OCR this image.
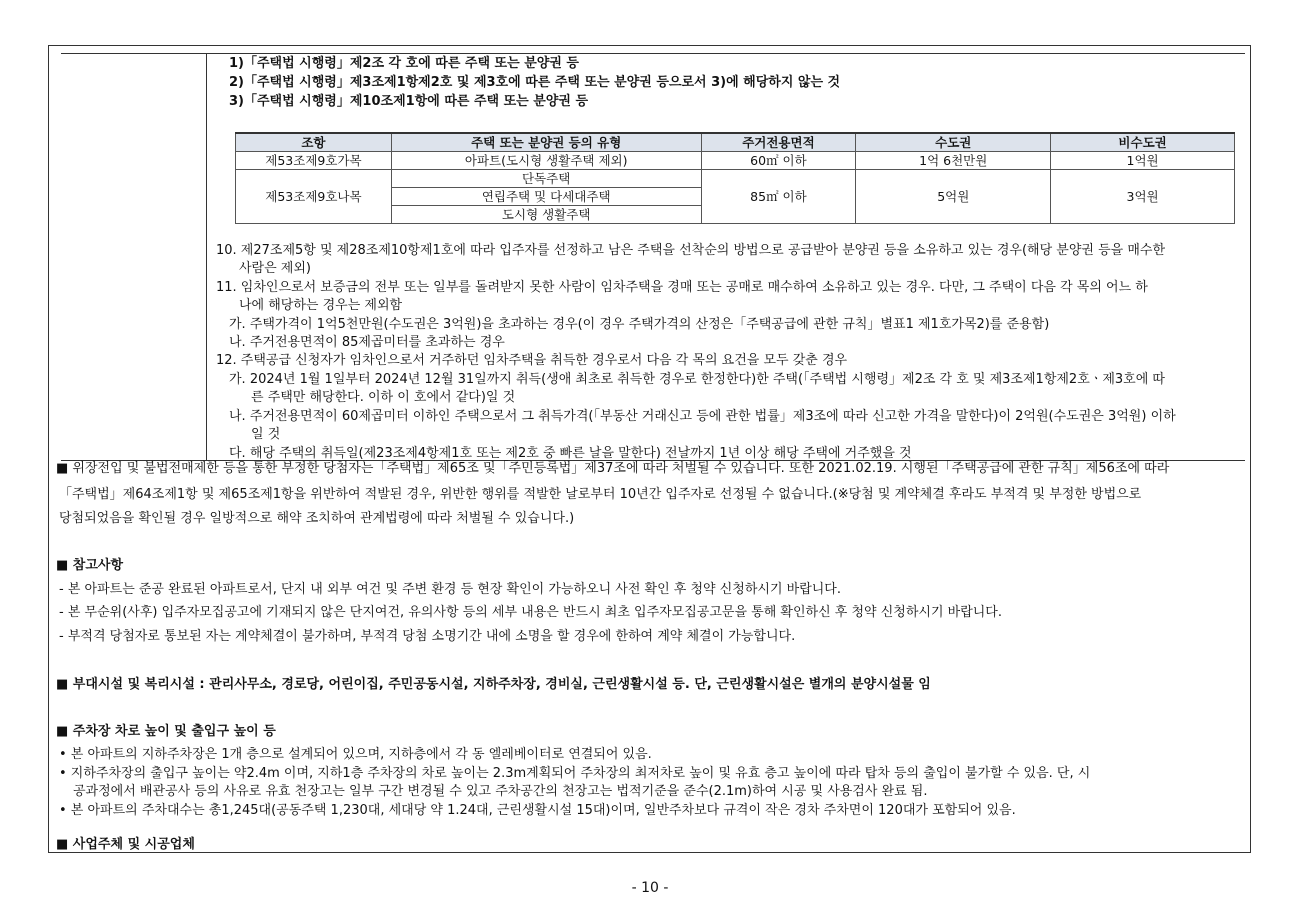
1)「주택법 시행령」제2조 각 호에 따른 주택 또는 분양권 등
2)「주택법 시행령」제3조제1항제2호 및 제3호에 따른 주택 또는 분양권 등으로서 3)에 해당하지 않는 것
3)「주택법 시행령」제10조제1항에 따른 주택 또는 분양권 등
조항	주택 또는 분양권 등의 유형	주거전용면적	수도권	비수도권
제53조제9호가목	아파트(도시형 생활주택 제외)	60㎡ 이하	1억 6천만원	1억원
제53조제9호나목	단독주택	85㎡ 이하	5억원	3억원
	연립주택 및 다세대주택			
	도시형 생활주택			
10. 제27조제5항 및 제28조제10항제1호에 따라 입주자를 선정하고 남은 주택을 선착순의 방법으로 공급받아 분양권 등을 소유하고 있는 경우(해당 분양권 등을 매수한
사람은 제외)
11. 임차인으로서 보증금의 전부 또는 일부를 돌려받지 못한 사람이 임차주택을 경매 또는 공매로 매수하여 소유하고 있는 경우. 다만, 그 주택이 다음 각 목의 어느 하
나에 해당하는 경우는 제외함
가. 주택가격이 1억5천만원(수도권은 3억원)을 초과하는 경우(이 경우 주택가격의 산정은「주택공급에 관한 규칙」별표1 제1호가목2)를 준용함)
나. 주거전용면적이 85제곱미터를 초과하는 경우
12. 주택공급 신청자가 임차인으로서 거주하던 임차주택을 취득한 경우로서 다음 각 목의 요건을 모두 갖춘 경우
가. 2024년 1월 1일부터 2024년 12월 31일까지 취득(생애 최초로 취득한 경우로 한정한다)한 주택(「주택법 시행령」제2조 각 호 및 제3조제1항제2호ㆍ제3호에 따
른 주택만 해당한다. 이하 이 호에서 같다)일 것
나. 주거전용면적이 60제곱미터 이하인 주택으로서 그 취득가격(「부동산 거래신고 등에 관한 법률」제3조에 따라 신고한 가격을 말한다)이 2억원(수도권은 3억원) 이하
일 것
다. 해당 주택의 취득일(제23조제4항제1호 또는 제2호 중 빠른 날을 말한다) 전날까지 1년 이상 해당 주택에 거주했을 것
■ 위장전입 및 불법전매제한 등을 통한 부정한 당첨자는「주택법」제65조 및「주민등록법」제37조에 따라 처벌될 수 있습니다. 또한 2021.02.19. 시행된「주택공급에 관한 규칙」제56조에 따라
「주택법」제64조제1항 및 제65조제1항을 위반하여 적발된 경우, 위반한 행위를 적발한 날로부터 10년간 입주자로 선정될 수 없습니다.(※당첨 및 계약체결 후라도 부적격 및 부정한 방법으로
당첨되었음을 확인될 경우 일방적으로 해약 조치하여 관계법령에 따라 처벌될 수 있습니다.)
■ 참고사항
- 본 아파트는 준공 완료된 아파트로서, 단지 내 외부 여건 및 주변 환경 등 현장 확인이 가능하오니 사전 확인 후 청약 신청하시기 바랍니다.
- 본 무순위(사후) 입주자모집공고에 기재되지 않은 단지여건, 유의사항 등의 세부 내용은 반드시 최초 입주자모집공고문을 통해 확인하신 후 청약 신청하시기 바랍니다.
- 부적격 당첨자로 통보된 자는 계약체결이 불가하며, 부적격 당첨 소명기간 내에 소명을 할 경우에 한하여 계약 체결이 가능합니다.
■ 부대시설 및 복리시설 : 관리사무소, 경로당, 어린이집, 주민공동시설, 지하주차장, 경비실, 근린생활시설 등. 단, 근린생활시설은 별개의 분양시설물 임
■ 주차장 차로 높이 및 출입구 높이 등
• 본 아파트의 지하주차장은 1개 층으로 설계되어 있으며, 지하층에서 각 동 엘레베이터로 연결되어 있음.
• 지하주차장의 출입구 높이는 약2.4m 이며, 지하1층 주차장의 차로 높이는 2.3m계획되어 주차장의 최저차로 높이 및 유효 층고 높이에 따라 탑차 등의 출입이 불가할 수 있음. 단, 시
공과정에서 배관공사 등의 사유로 유효 천장고는 일부 구간 변경될 수 있고 주차공간의 천장고는 법적기준을 준수(2.1m)하여 시공 및 사용검사 완료 됨.
• 본 아파트의 주차대수는 총1,245대(공동주택 1,230대, 세대당 약 1.24대, 근린생활시설 15대)이며, 일반주차보다 규격이 작은 경차 주차면이 120대가 포함되어 있음.
■ 사업주체 및 시공업체
- 10 -
